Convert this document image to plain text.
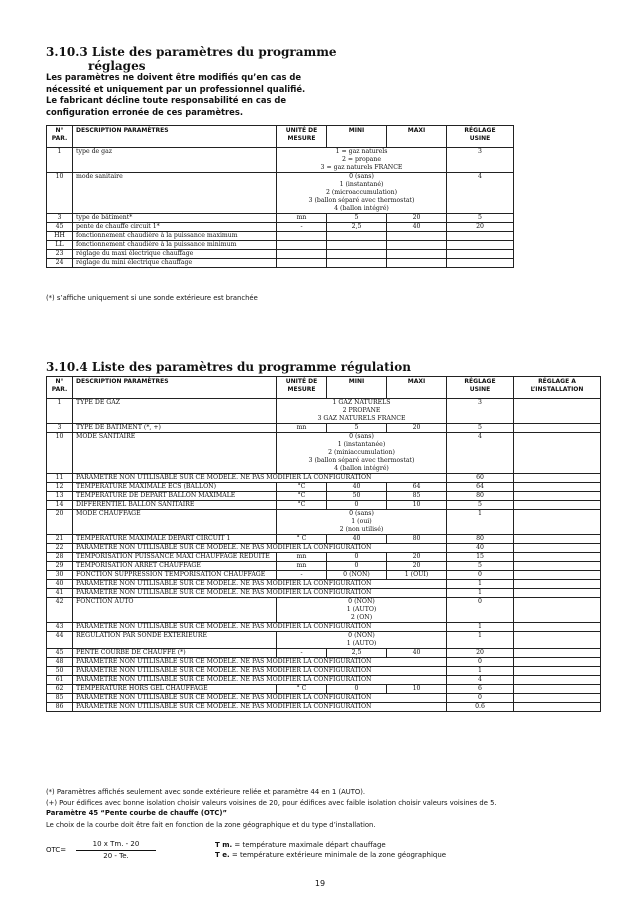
3.10.3 Liste des paramètres du programme
réglages

Les paramètres ne doivent être modifiés qu’en cas de nécessité et uniquement par un professionnel qualifié. Le fabricant décline toute responsabilité en cas de configuration erronée de ces paramètres.

N°
PAR.	DESCRIPTION PARAMÈTRES	UNITÉ DE
MESURE	MINI	MAXI	RÉGLAGE
USINE
1	type de gaz	1 = gaz naturels
2 = propane
3 = gaz naturels FRANCE			3
10	mode sanitaire	0 (sans)
1 (instantané)
2 (microaccumulation)
3 (ballon séparé avec thermostat)
4 (ballon intégré)			4
3	type de bâtiment*	mn	5	20	5
45	pente de chauffe circuit 1*	-	2,5	40	20
HH	fonctionnement chaudière à la puissance maximum				
LL	fonctionnement chaudière à la puissance minimum				
23	réglage du maxi électrique chauffage				
24	réglage du mini électrique chauffage				

(*) s’affiche uniquement si une sonde extérieure est branchée

3.10.4 Liste des paramètres du programme régulation
N°
PAR.	DESCRIPTION PARAMÈTRES	UNITÉ DE
MESURE	MINI	MAXI	RÉGLAGE
USINE	RÉGLAGE A
L’INSTALLATION
1	TYPE DE GAZ	1 GAZ NATURELS
2 PROPANE
3 GAZ NATURELS FRANCE			3	
3	TYPE DE BÂTIMENT (*, +)	mn	5	20	5	
10	MODE SANITAIRE	0 (sans)
1 (instantanée)
2 (miniaccumulation)
3 (ballon séparé avec thermostat)
4 (ballon intégré)			4	
11	PARAMÈTRE NON UTILISABLE SUR CE MODÈLE. NE PAS MODIFIER LA CONFIGURATION				60	
12	TEMPERATURE MAXIMALE ECS (BALLON)	°C	40	64	64	
13	TEMPERATURE DE DEPART BALLON MAXIMALE	°C	50	85	80	
14	DIFFERENTIEL BALLON SANITAIRE	°C	0	10	5	
20	MODE CHAUFFAGE	0 (sans)
1 (oui)
2 (non utilisé)			1	
21	TEMPÉRATURE MAXIMALE DEPART CIRCUIT 1	° C	40	80	80	
22	PARAMÈTRE NON UTILISABLE SUR CE MODÈLE. NE PAS MODIFIER LA CONFIGURATION				40	
28	TEMPORISATION PUISSANCE MAXI CHAUFFAGE RÉDUITE	mn	0	20	15	
29	TEMPORISATION ARRÊT CHAUFFAGE	mn	0	20	5	
30	FONCTION SUPPRESSION TEMPORISATION CHAUFFAGE	-	0 (NON)	1 (OUI)	0	
40	PARAMÈTRE NON UTILISABLE SUR CE MODÈLE. NE PAS MODIFIER LA CONFIGURATION				1	
41	PARAMÈTRE NON UTILISABLE SUR CE MODÈLE. NE PAS MODIFIER LA CONFIGURATION				1	
42	FONCTION AUTO	0 (NON)
1 (AUTO)
2 (ON)			0	
43	PARAMÈTRE NON UTILISABLE SUR CE MODÈLE. NE PAS MODIFIER LA CONFIGURATION				1	
44	REGULATION PAR SONDE EXTERIEURE	0 (NON)
1 (AUTO)			1	
45	PENTE COURBE DE CHAUFFE (*)	-	2,5	40	20	
48	PARAMÈTRE NON UTILISABLE SUR CE MODÈLE. NE PAS MODIFIER LA CONFIGURATION				0	
50	PARAMÈTRE NON UTILISABLE SUR CE MODÈLE. NE PAS MODIFIER LA CONFIGURATION				1	
61	PARAMÈTRE NON UTILISABLE SUR CE MODÈLE. NE PAS MODIFIER LA CONFIGURATION				4	
62	TEMPÉRATURE HORS GEL CHAUFFAGE	° C	0	10	6	
85	PARAMÈTRE NON UTILISABLE SUR CE MODÈLE. NE PAS MODIFIER LA CONFIGURATION				0	
86	PARAMÈTRE NON UTILISABLE SUR CE MODÈLE. NE PAS MODIFIER LA CONFIGURATION				0.6	

(*) Paramètres affichés seulement avec sonde extérieure reliée et paramètre 44 en 1 (AUTO).

(+) Pour édifices avec bonne isolation choisir valeurs voisines de 20, pour édifices avec faible isolation choisir valeurs voisines de 5.

Paramètre 45 “Pente courbe de chauffe (OTC)”

Le choix de la courbe doit être fait en fonction de la zone géographique et du type d’installation.

OTC=
10 x Tm. - 20
20 - Te.
T m. = température maximale départ chauffage
T e. = température extérieure minimale de la zone géographique
19
